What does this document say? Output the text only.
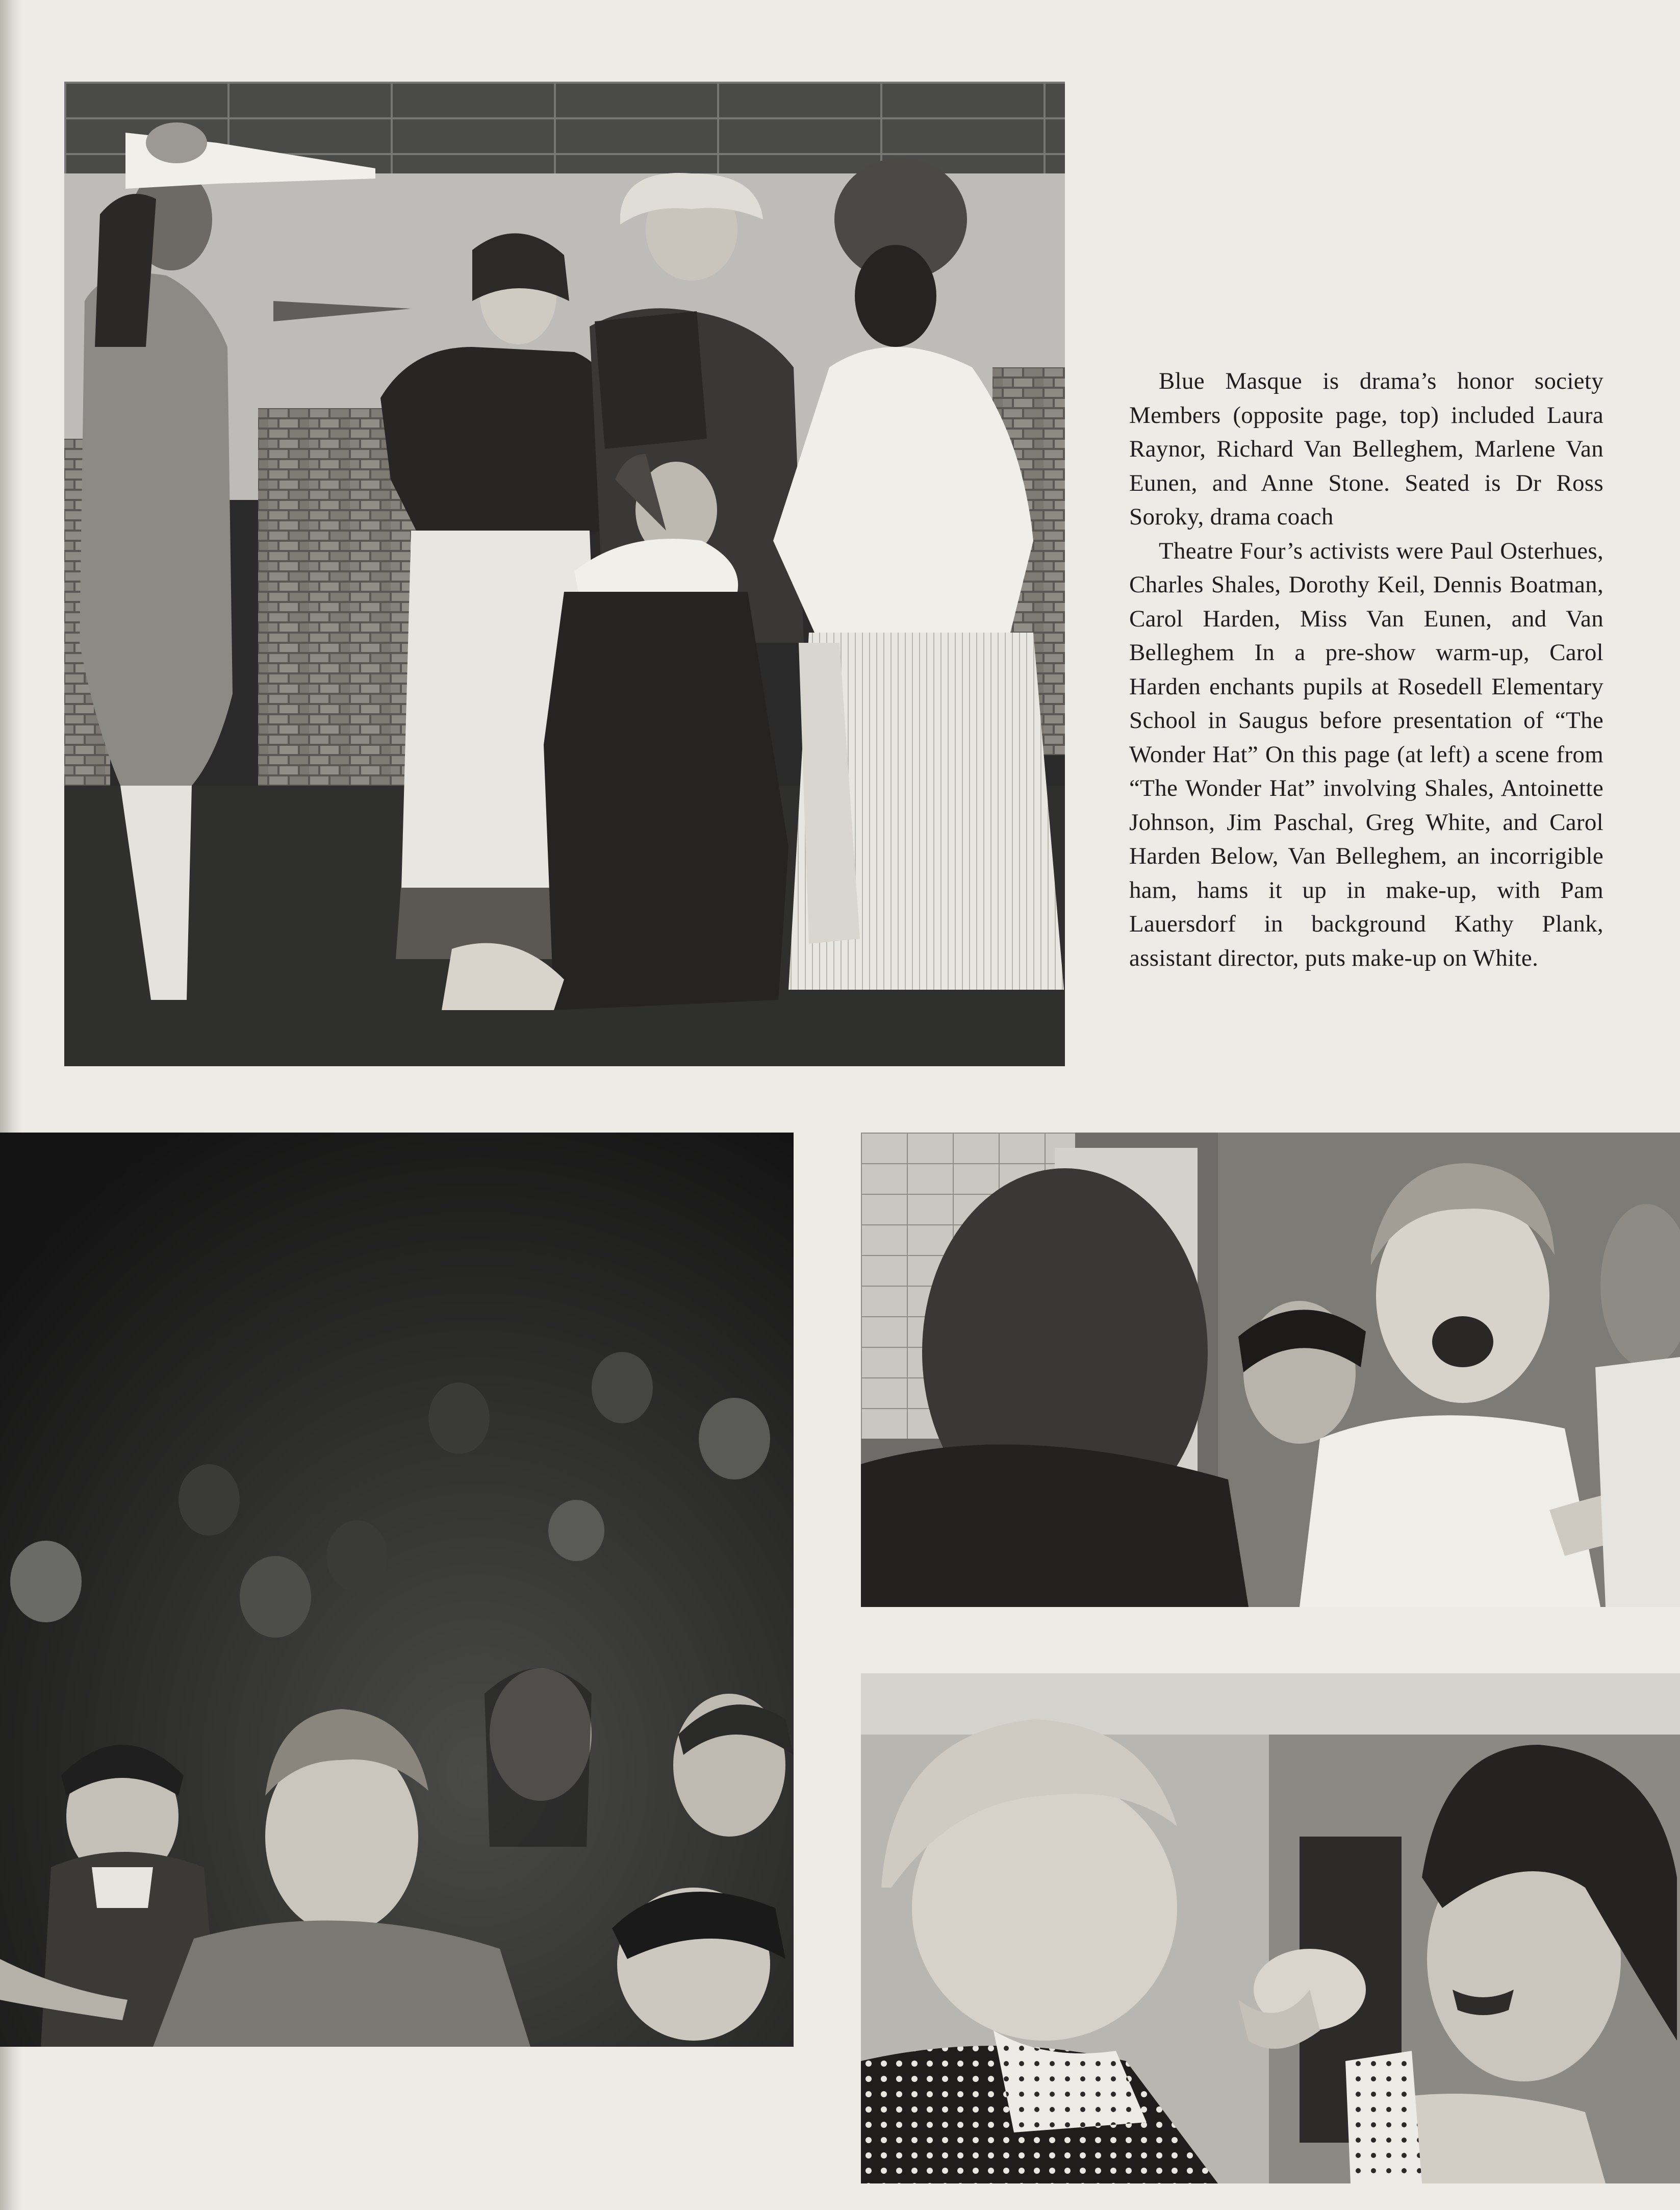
Blue Masque is drama’s honor society Members (opposite page, top) included Laura Raynor, Richard Van Belleghem, Marlene Van Eunen, and Anne Stone. Seated is Dr Ross Soroky, drama coach

Theatre Four’s activists were Paul Osterhues, Charles Shales, Dorothy Keil, Dennis Boatman, Carol Harden, Miss Van Eunen, and Van Belleghem In a pre-show warm-up, Carol Harden enchants pupils at Rosedell Elementary School in Saugus before presentation of “The Wonder Hat” On this page (at left) a scene from “The Wonder Hat” involving Shales, Antoinette Johnson, Jim Paschal, Greg White, and Carol Harden Below, Van Belleghem, an incorrigible ham, hams it up in make-up, with Pam Lauersdorf in background Kathy Plank, assistant director, puts make-up on White.
